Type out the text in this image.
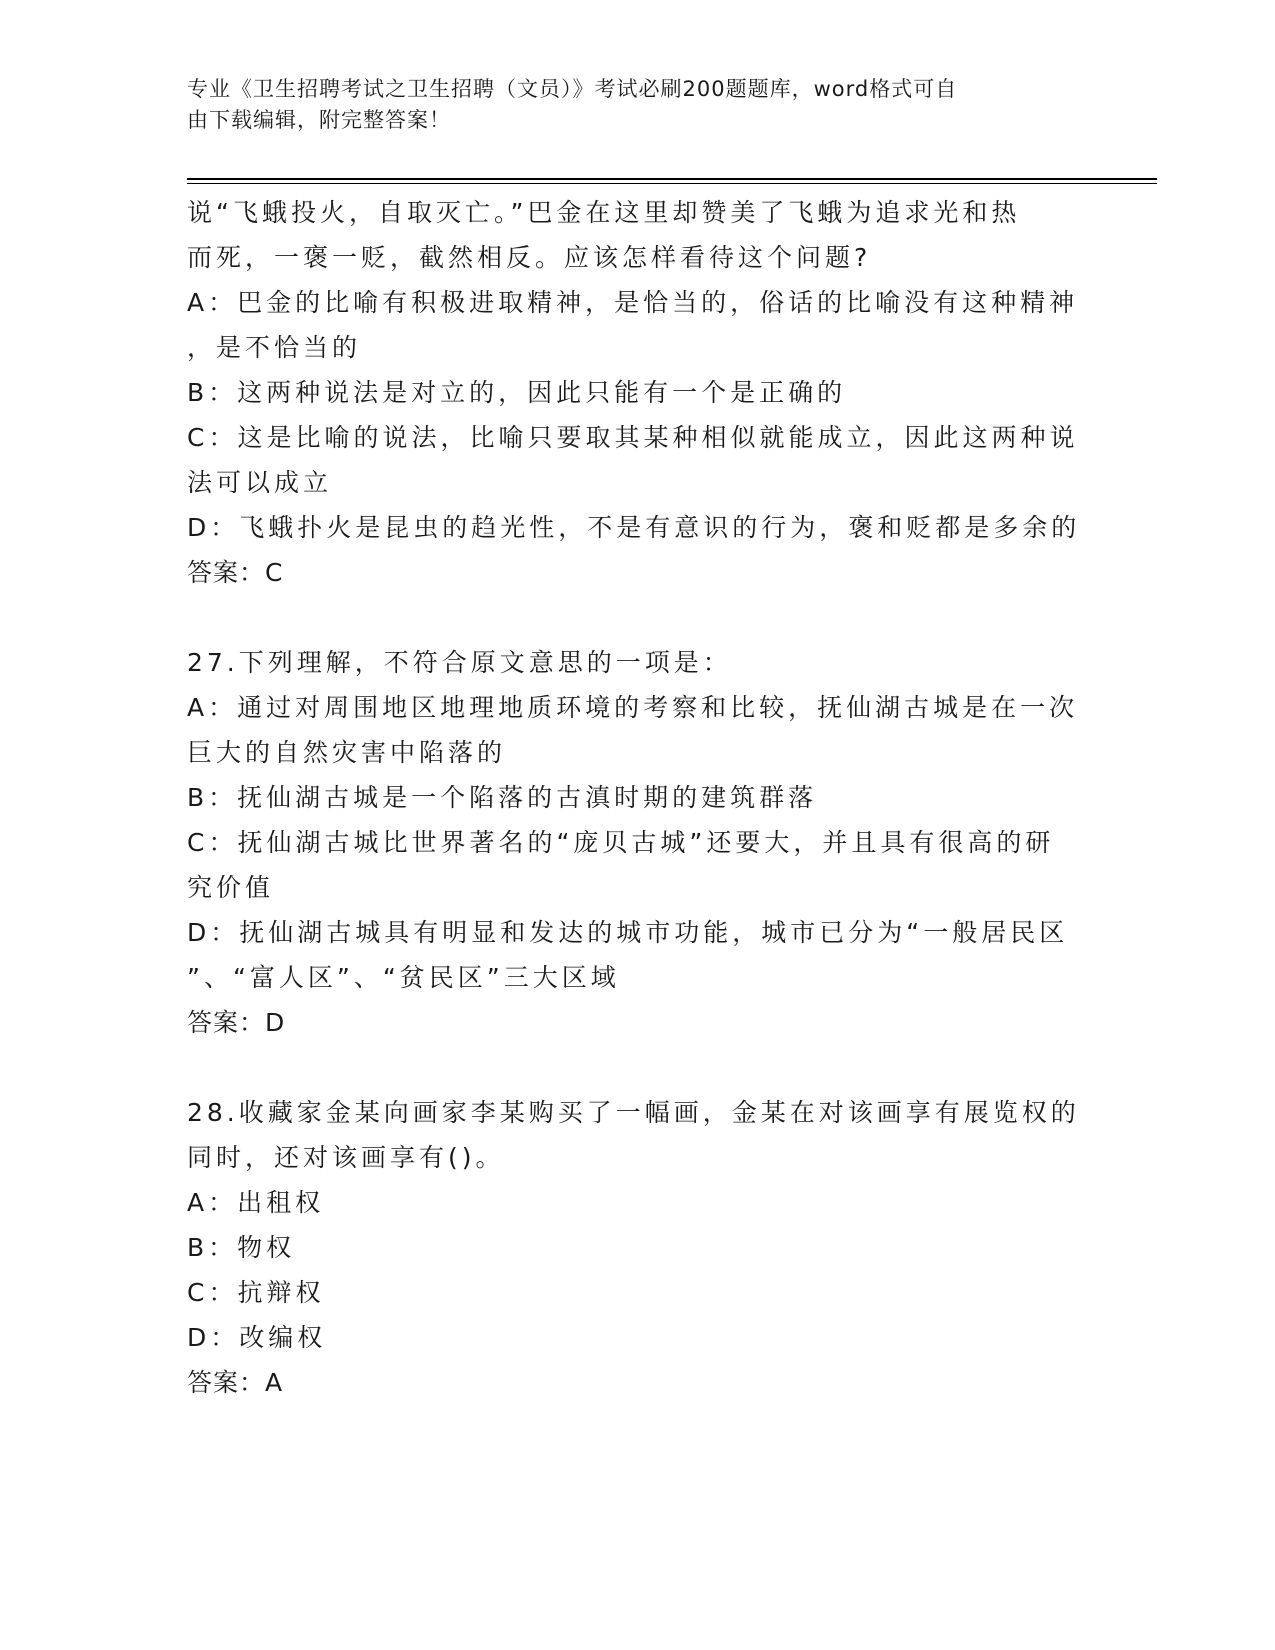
专业《卫生招聘考试之卫生招聘（文员）》考试必刷200题题库，word格式可自
由下载编辑，附完整答案！
说“飞蛾投火，自取灭亡。”巴金在这里却赞美了飞蛾为追求光和热
而死，一褒一贬，截然相反。应该怎样看待这个问题?
A：巴金的比喻有积极进取精神，是恰当的，俗话的比喻没有这种精神
，是不恰当的
B：这两种说法是对立的，因此只能有一个是正确的
C：这是比喻的说法，比喻只要取其某种相似就能成立，因此这两种说
法可以成立
D：飞蛾扑火是昆虫的趋光性，不是有意识的行为，褒和贬都是多余的
答案：C
27.下列理解，不符合原文意思的一项是：
A：通过对周围地区地理地质环境的考察和比较，抚仙湖古城是在一次
巨大的自然灾害中陷落的
B：抚仙湖古城是一个陷落的古滇时期的建筑群落
C：抚仙湖古城比世界著名的“庞贝古城”还要大，并且具有很高的研
究价值
D：抚仙湖古城具有明显和发达的城市功能，城市已分为“一般居民区
”、“富人区”、“贫民区”三大区域
答案：D
28.收藏家金某向画家李某购买了一幅画，金某在对该画享有展览权的
同时，还对该画享有()。
A：出租权
B：物权
C：抗辩权
D：改编权
答案：A
